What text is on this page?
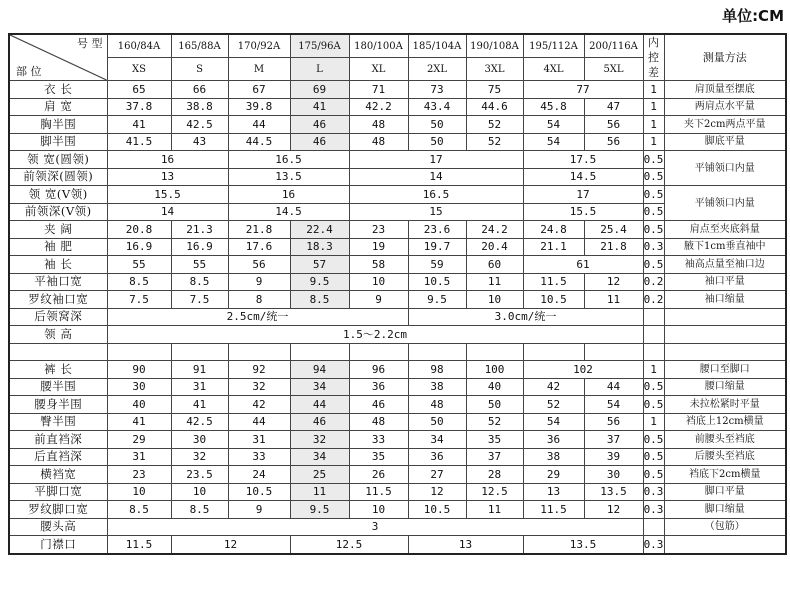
单位:CM
号 型
部 位	160/84A	165/88A	170/92A	175/96A	180/100A	185/104A	190/108A	195/112A	200/116A	内控差	测量方法
	XS	S	M	L	XL	2XL	3XL	4XL	5XL		
衣 长	65	66	67	69	71	73	75	77		1	肩顶量至摆底
肩 宽	37.8	38.8	39.8	41	42.2	43.4	44.6	45.8	47	1	两肩点水平量
胸半围	41	42.5	44	46	48	50	52	54	56	1	夹下2cm两点平量
脚半围	41.5	43	44.5	46	48	50	52	54	56	1	脚底平量
领 宽(圆领)	16		16.5		17			17.5		0.5	平铺领口内量
前领深(圆领)	13		13.5		14			14.5		0.5	
领 宽(V领)	15.5		16		16.5			17		0.5	平铺领口内量
前领深(V领)	14		14.5		15			15.5		0.5	
夹 阔	20.8	21.3	21.8	22.4	23	23.6	24.2	24.8	25.4	0.5	肩点至夹底斜量
袖 肥	16.9	16.9	17.6	18.3	19	19.7	20.4	21.1	21.8	0.3	腋下1cm垂直袖中
袖 长	55	55	56	57	58	59	60	61		0.5	袖高点量至袖口边
平袖口宽	8.5	8.5	9	9.5	10	10.5	11	11.5	12	0.2	袖口平量
罗纹袖口宽	7.5	7.5	8	8.5	9	9.5	10	10.5	11	0.2	袖口缩量
后领窝深	2.5cm/统一					3.0cm/统一					
领 高	1.5～2.2cm										

裤 长	90	91	92	94	96	98	100	102		1	腰口至脚口
腰半围	30	31	32	34	36	38	40	42	44	0.5	腰口缩量
腰身半围	40	41	42	44	46	48	50	52	54	0.5	未拉松紧时平量
臀半围	41	42.5	44	46	48	50	52	54	56	1	裆底上12cm横量
前直裆深	29	30	31	32	33	34	35	36	37	0.5	前腰头至裆底
后直裆深	31	32	33	34	35	36	37	38	39	0.5	后腰头至裆底
横裆宽	23	23.5	24	25	26	27	28	29	30	0.5	裆底下2cm横量
平脚口宽	10	10	10.5	11	11.5	12	12.5	13	13.5	0.3	脚口平量
罗纹脚口宽	8.5	8.5	9	9.5	10	10.5	11	11.5	12	0.3	脚口缩量
腰头高	3										（包筋）
门襟口	11.5	12		12.5		13		13.5		0.3	
